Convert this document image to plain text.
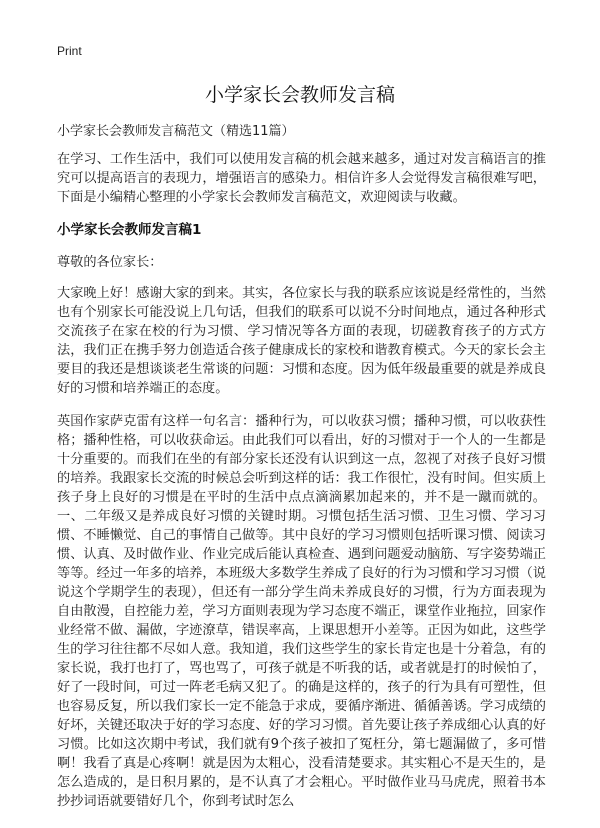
Print
小学家长会教师发言稿
小学家长会教师发言稿范文（精选11篇）

在学习、工作生活中，我们可以使用发言稿的机会越来越多，通过对发言稿语言的推究可以提高语言的表现力，增强语言的感染力。相信许多人会觉得发言稿很难写吧，下面是小编精心整理的小学家长会教师发言稿范文，欢迎阅读与收藏。

小学家长会教师发言稿1
尊敬的各位家长：

大家晚上好！感谢大家的到来。其实，各位家长与我的联系应该说是经常性的，当然也有个别家长可能没说上几句话，但我们的联系可以说不分时间地点，通过各种形式交流孩子在家在校的行为习惯、学习情况等各方面的表现，切磋教育孩子的方式方法，我们正在携手努力创造适合孩子健康成长的家校和谐教育模式。今天的家长会主要目的我还是想谈谈老生常谈的问题：习惯和态度。因为低年级最重要的就是养成良好的习惯和培养端正的态度。

英国作家萨克雷有这样一句名言：播种行为，可以收获习惯；播种习惯，可以收获性格；播种性格，可以收获命运。由此我们可以看出，好的习惯对于一个人的一生都是十分重要的。而我们在坐的有部分家长还没有认识到这一点，忽视了对孩子良好习惯的培养。我跟家长交流的时候总会听到这样的话：我工作很忙，没有时间。但实质上孩子身上良好的习惯是在平时的生活中点点滴滴累加起来的，并不是一蹴而就的。一、二年级又是养成良好习惯的关键时期。习惯包括生活习惯、卫生习惯、学习习惯、不睡懒觉、自己的事情自己做等。其中良好的学习习惯则包括听课习惯、阅读习惯、认真、及时做作业、作业完成后能认真检查、遇到问题爱动脑筋、写字姿势端正等等。经过一年多的培养，本班级大多数学生养成了良好的行为习惯和学习习惯（说说这个学期学生的表现），但还有一部分学生尚未养成良好的习惯，行为方面表现为自由散漫，自控能力差，学习方面则表现为学习态度不端正，课堂作业拖拉，回家作业经常不做、漏做，字迹潦草，错误率高，上课思想开小差等。正因为如此，这些学生的学习往往都不尽如人意。我知道，我们这些学生的家长肯定也是十分着急，有的家长说，我打也打了，骂也骂了，可孩子就是不听我的话，或者就是打的时候怕了，好了一段时间，可过一阵老毛病又犯了。的确是这样的，孩子的行为具有可塑性，但也容易反复，所以我们家长一定不能急于求成，要循序渐进、循循善诱。学习成绩的好坏，关键还取决于好的学习态度、好的学习习惯。首先要让孩子养成细心认真的好习惯。比如这次期中考试，我们就有9个孩子被扣了冤枉分，第七题漏做了，多可惜啊！我看了真是心疼啊！就是因为太粗心，没看清楚要求。其实粗心不是天生的，是怎么造成的，是日积月累的，是不认真了才会粗心。平时做作业马马虎虎，照着书本抄抄词语就要错好几个，你到考试时怎么
